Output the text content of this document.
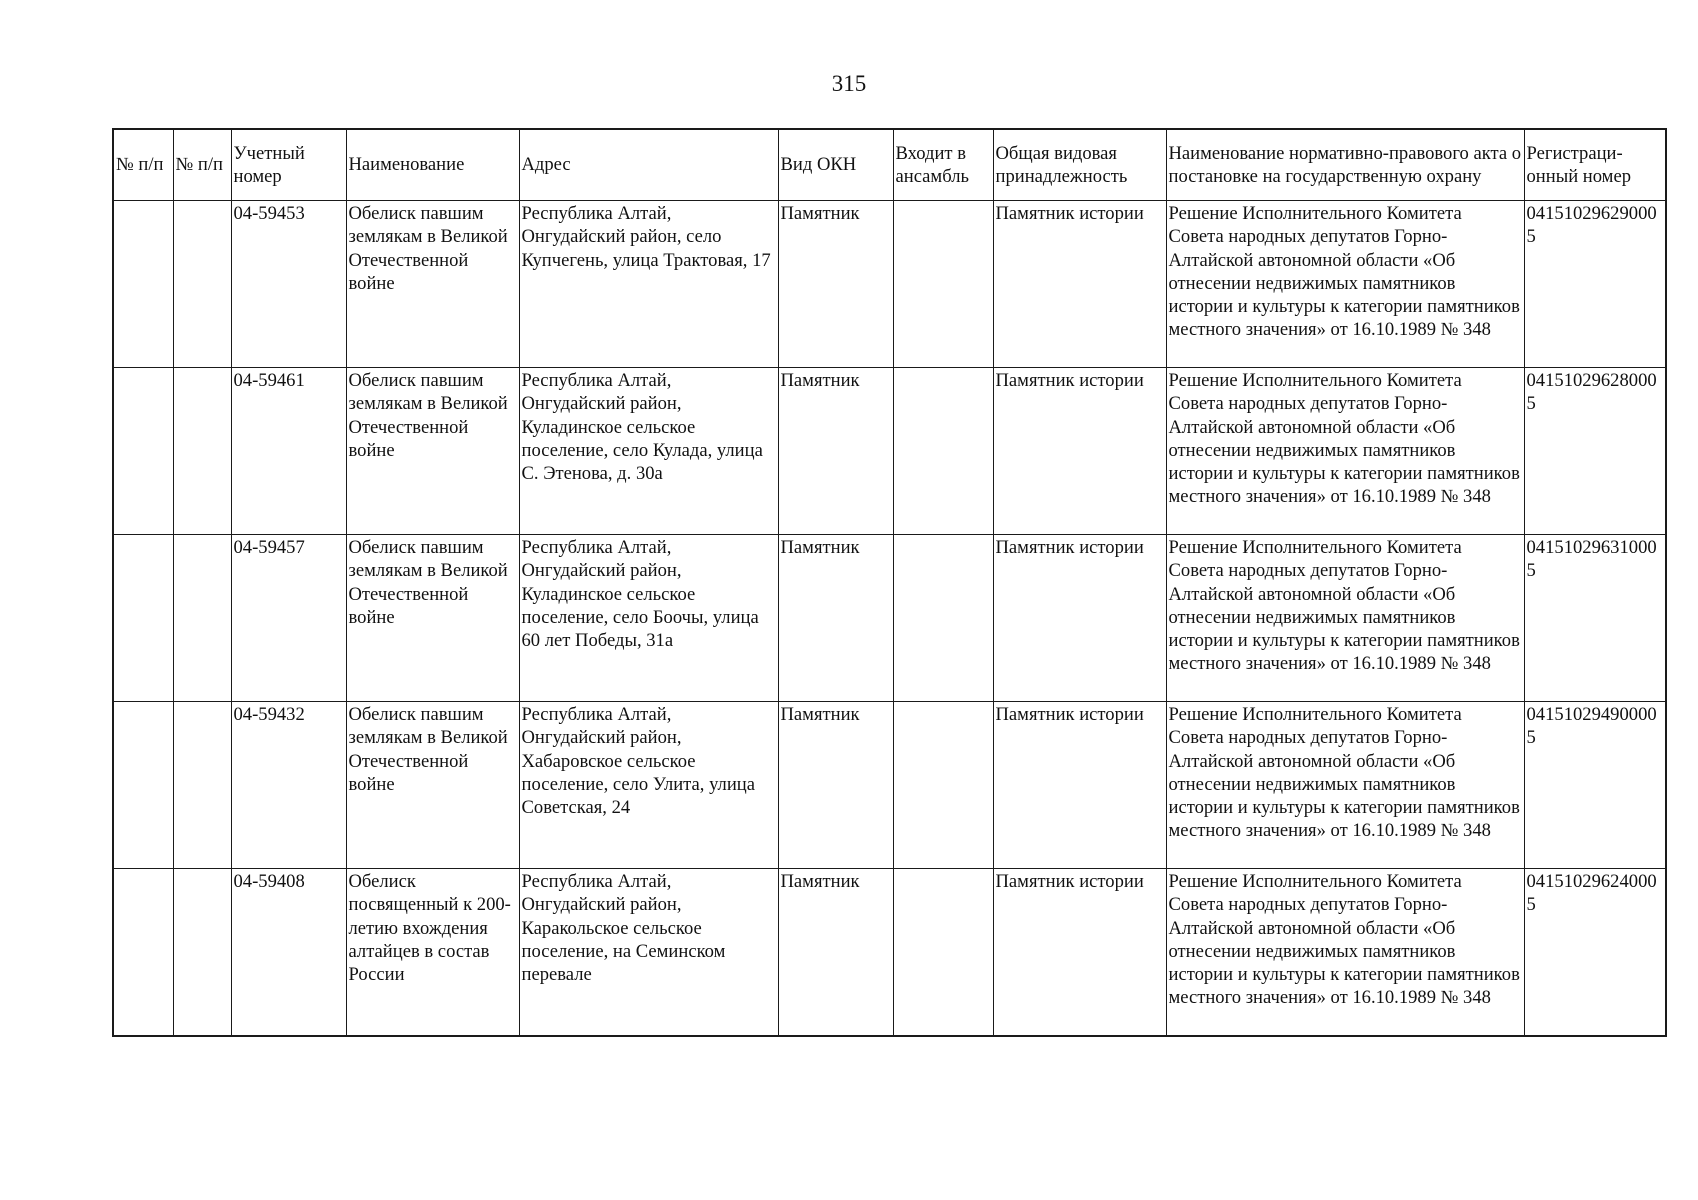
315
№ п/п	№ п/п	Учетный номер	Наименование	Адрес	Вид ОКН	Входит в ансамбль	Общая видовая принадлежность	Наименование нормативно-правового акта о постановке на государственную охрану	Регистраци-онный номер
		04-59453	Обелиск павшим землякам в Великой Отечественной войне	Республика Алтай, Онгудайский район, село Купчегень, улица Трактовая, 17	Памятник		Памятник истории	Решение Исполнительного Комитета Совета народных депутатов Горно-Алтайской автономной области «Об отнесении недвижимых памятников истории и культуры к категории памятников местного значения» от 16.10.1989 № 348	041510296290005
		04-59461	Обелиск павшим землякам в Великой Отечественной войне	Республика Алтай, Онгудайский район, Куладинское сельское поселение, село Кулада, улица С. Этенова, д. 30а	Памятник		Памятник истории	Решение Исполнительного Комитета Совета народных депутатов Горно-Алтайской автономной области «Об отнесении недвижимых памятников истории и культуры к категории памятников местного значения» от 16.10.1989 № 348	041510296280005
		04-59457	Обелиск павшим землякам в Великой Отечественной войне	Республика Алтай, Онгудайский район, Куладинское сельское поселение, село Боочы, улица 60 лет Победы, 31а	Памятник		Памятник истории	Решение Исполнительного Комитета Совета народных депутатов Горно-Алтайской автономной области «Об отнесении недвижимых памятников истории и культуры к категории памятников местного значения» от 16.10.1989 № 348	041510296310005
		04-59432	Обелиск павшим землякам в Великой Отечественной войне	Республика Алтай, Онгудайский район, Хабаровское сельское поселение, село Улита, улица Советская, 24	Памятник		Памятник истории	Решение Исполнительного Комитета Совета народных депутатов Горно-Алтайской автономной области «Об отнесении недвижимых памятников истории и культуры к категории памятников местного значения» от 16.10.1989 № 348	041510294900005
		04-59408	Обелиск посвященный к 200-летию вхождения алтайцев в состав России	Республика Алтай, Онгудайский район, Каракольское сельское поселение, на Семинском перевале	Памятник		Памятник истории	Решение Исполнительного Комитета Совета народных депутатов Горно-Алтайской автономной области «Об отнесении недвижимых памятников истории и культуры к категории памятников местного значения» от 16.10.1989 № 348	041510296240005
